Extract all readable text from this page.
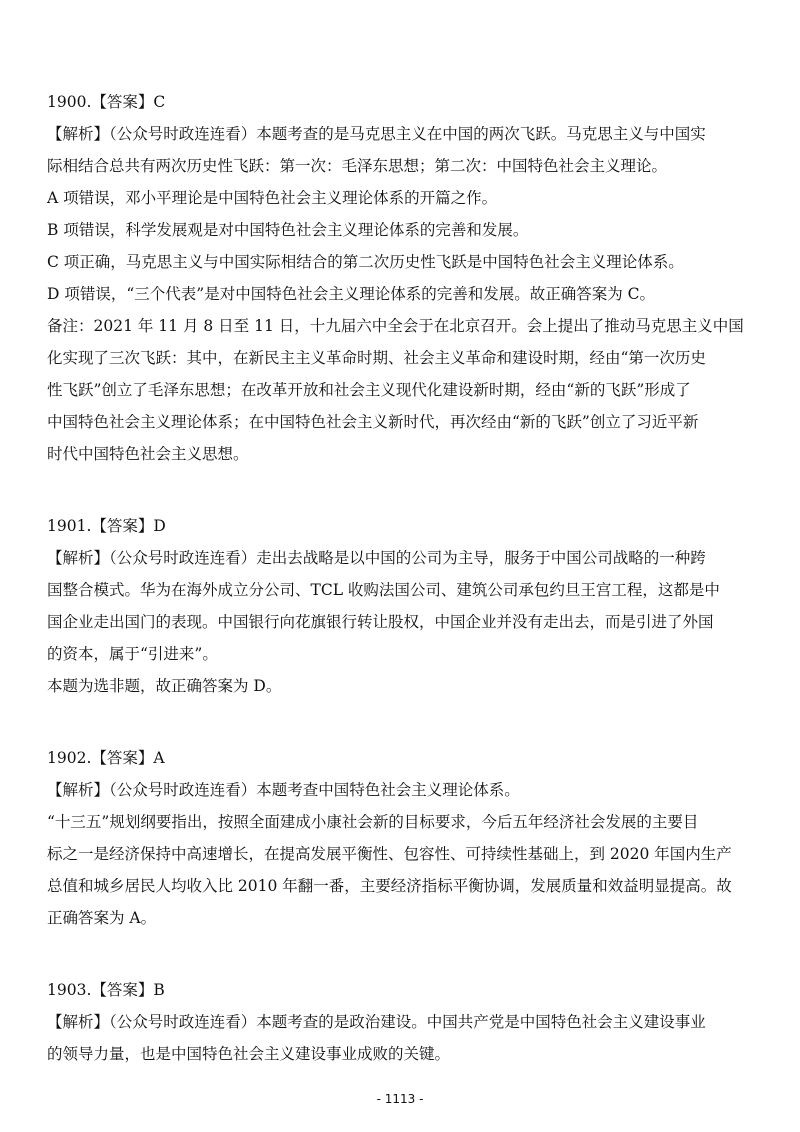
1900.【答案】C

【解析】（公众号时政连连看）本题考查的是马克思主义在中国的两次飞跃。马克思主义与中国实

际相结合总共有两次历史性飞跃：第一次：毛泽东思想；第二次：中国特色社会主义理论。

A 项错误，邓小平理论是中国特色社会主义理论体系的开篇之作。

B 项错误，科学发展观是对中国特色社会主义理论体系的完善和发展。

C 项正确，马克思主义与中国实际相结合的第二次历史性飞跃是中国特色社会主义理论体系。

D 项错误，“三个代表”是对中国特色社会主义理论体系的完善和发展。故正确答案为 C。

备注：2021 年 11 月 8 日至 11 日，十九届六中全会于在北京召开。会上提出了推动马克思主义中国

化实现了三次飞跃：其中，在新民主主义革命时期、社会主义革命和建设时期，经由“第一次历史

性飞跃”创立了毛泽东思想；在改革开放和社会主义现代化建设新时期，经由“新的飞跃”形成了

中国特色社会主义理论体系；在中国特色社会主义新时代，再次经由“新的飞跃”创立了习近平新

时代中国特色社会主义思想。

1901.【答案】D

【解析】（公众号时政连连看）走出去战略是以中国的公司为主导，服务于中国公司战略的一种跨

国整合模式。华为在海外成立分公司、TCL 收购法国公司、建筑公司承包约旦王宫工程，这都是中

国企业走出国门的表现。中国银行向花旗银行转让股权，中国企业并没有走出去，而是引进了外国

的资本，属于“引进来”。

本题为选非题，故正确答案为 D。

1902.【答案】A

【解析】（公众号时政连连看）本题考查中国特色社会主义理论体系。

“十三五”规划纲要指出，按照全面建成小康社会新的目标要求，今后五年经济社会发展的主要目

标之一是经济保持中高速增长，在提高发展平衡性、包容性、可持续性基础上，到 2020 年国内生产

总值和城乡居民人均收入比 2010 年翻一番，主要经济指标平衡协调，发展质量和效益明显提高。故

正确答案为 A。

1903.【答案】B

【解析】（公众号时政连连看）本题考查的是政治建设。中国共产党是中国特色社会主义建设事业

的领导力量，也是中国特色社会主义建设事业成败的关键。

- 1113 -
